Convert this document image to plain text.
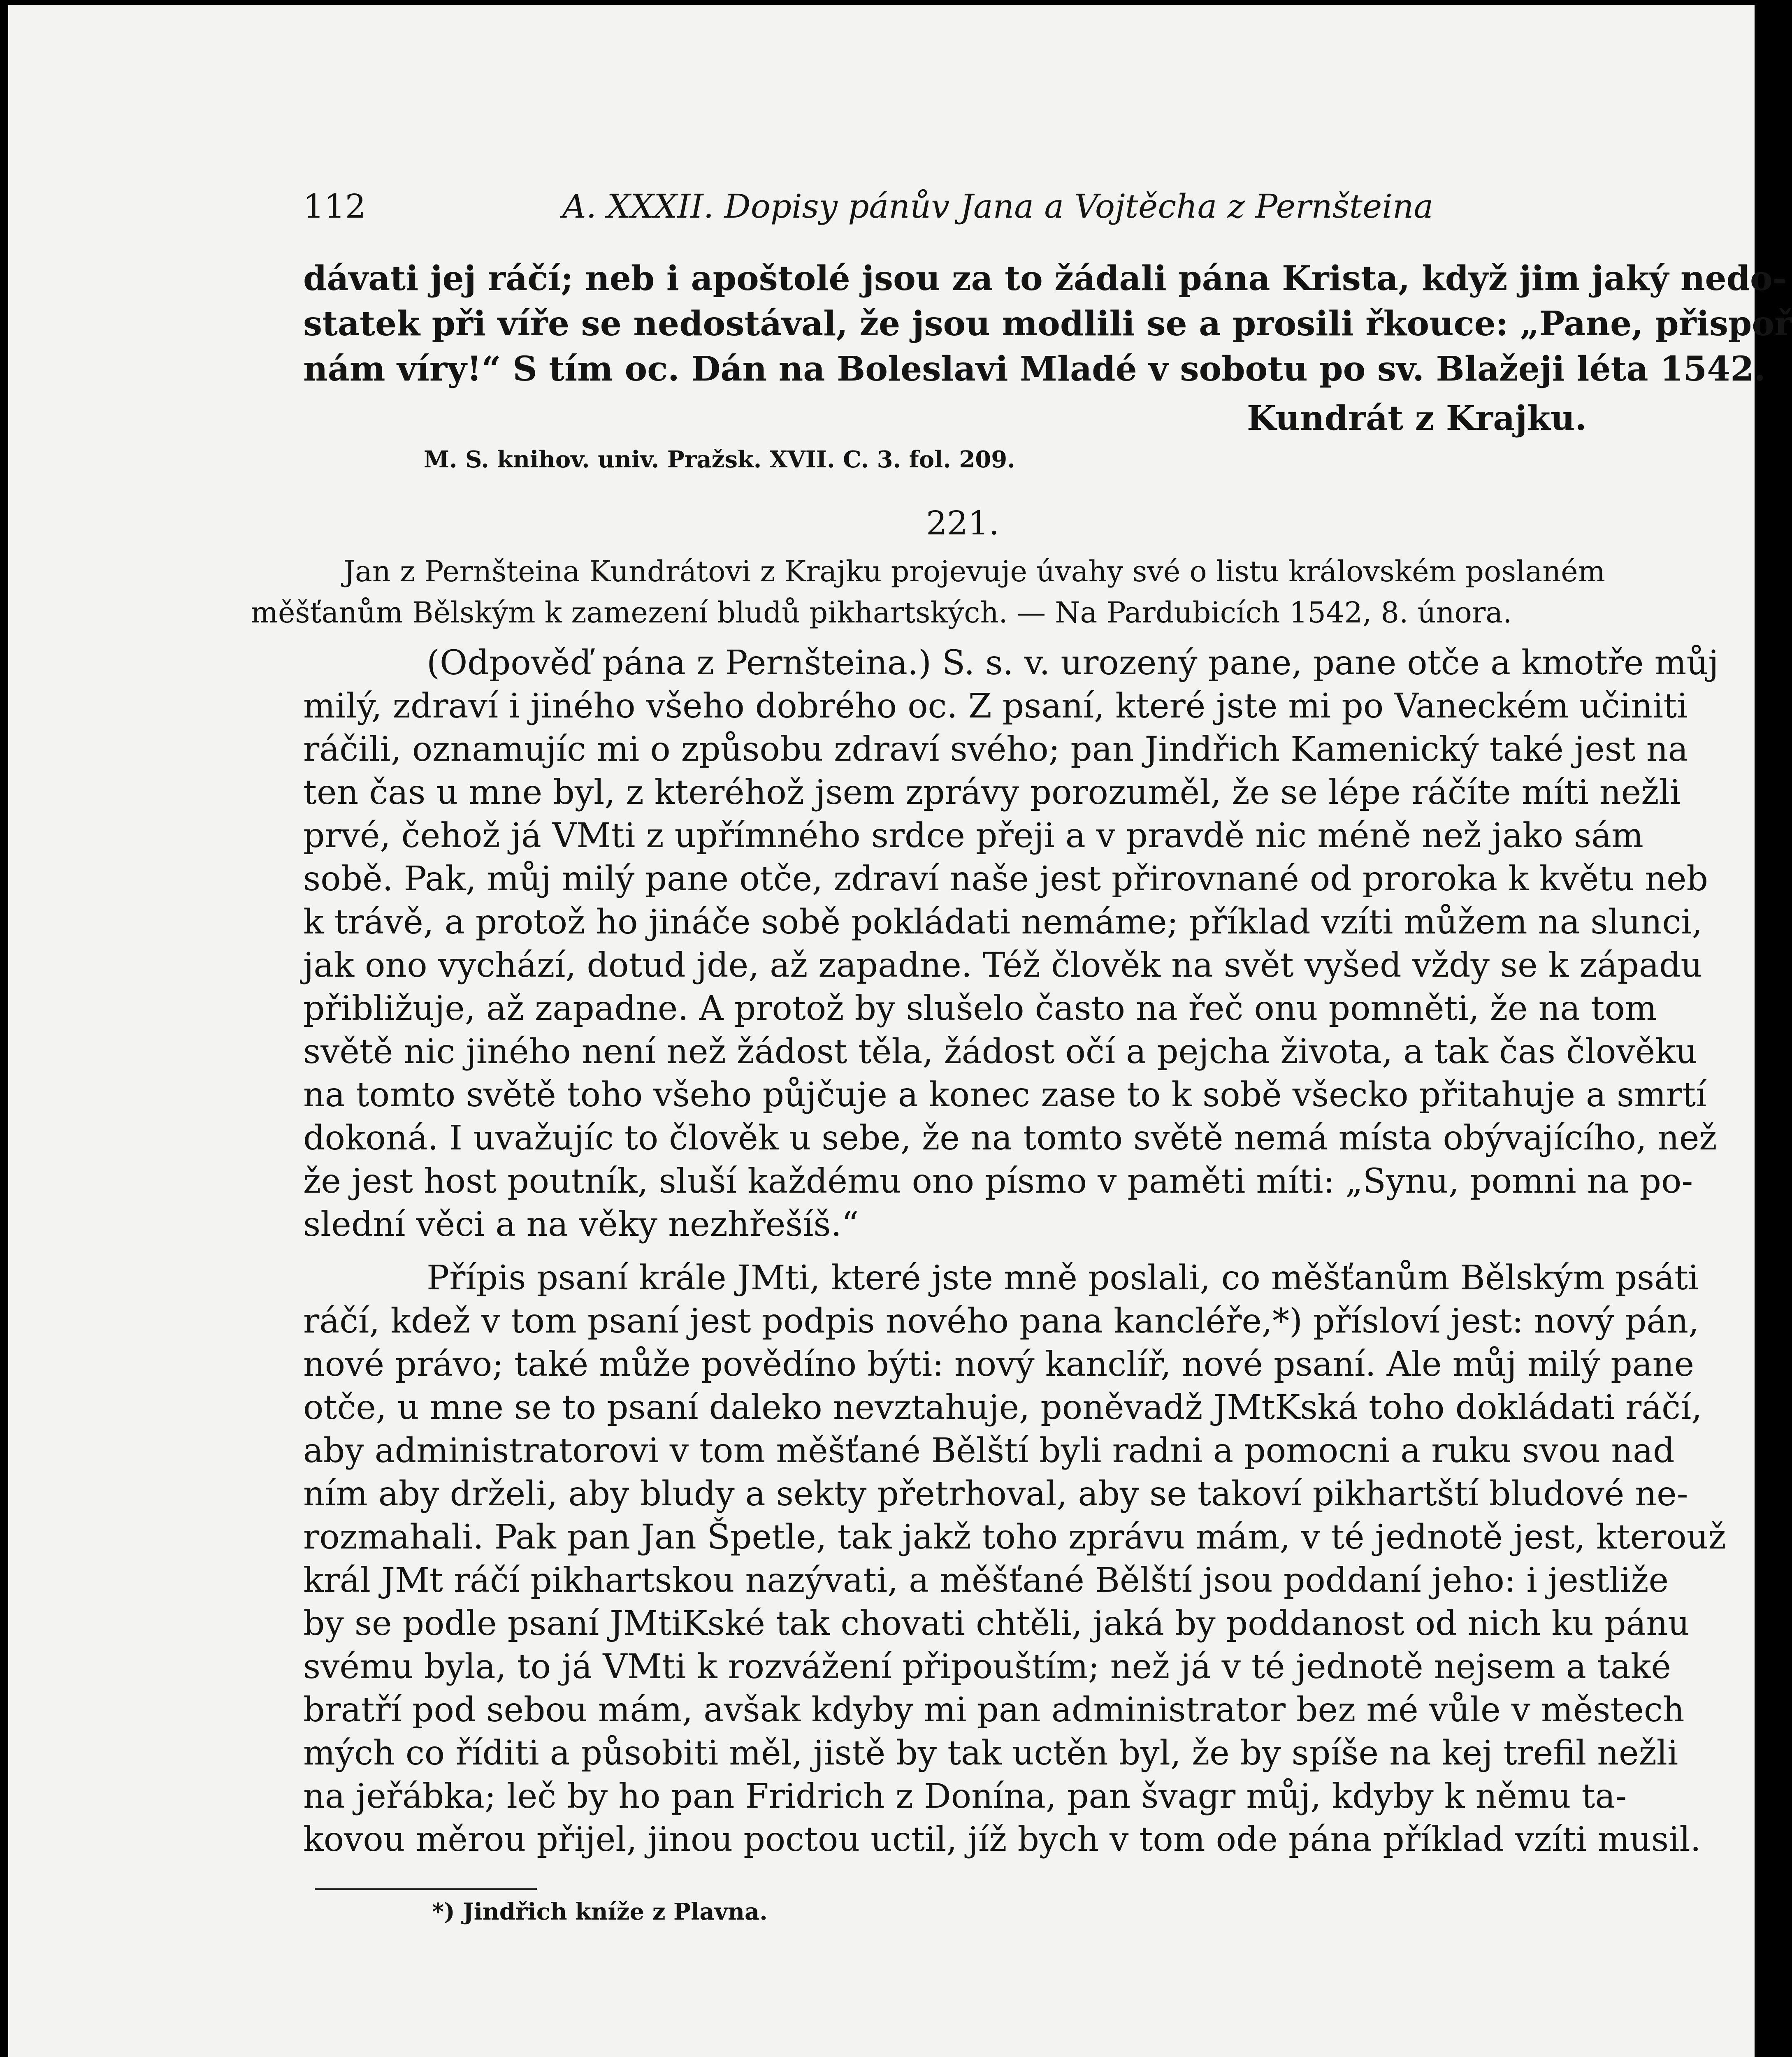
112	A. XXXII. Dopisy pánův Jana a Vojtěcha z Pernšteina
dávati jej ráčí; neb i apoštolé jsou za to žádali pána Krista, když jim jaký nedo-
statek při víře se nedostával, že jsou modlili se a prosili řkouce: „Pane, přispoř
nám víry!“ S tím oc. Dán na Boleslavi Mladé v sobotu po sv. Blažeji léta 1542.
Kundrát z Krajku.
M. S. knihov. univ. Pražsk. XVII. C. 3. fol. 209.
221.
Jan z Pernšteina Kundrátovi z Krajku projevuje úvahy své o listu královském poslaném
měšťanům Bělským k zamezení bludů pikhartských. — Na Pardubicích 1542, 8. února.
(Odpověď pána z Pernšteina.) S. s. v. urozený pane, pane otče a kmotře můj
milý, zdraví i jiného všeho dobrého oc. Z psaní, které jste mi po Vaneckém učiniti
ráčili, oznamujíc mi o způsobu zdraví svého; pan Jindřich Kamenický také jest na
ten čas u mne byl, z kteréhož jsem zprávy porozuměl, že se lépe ráčíte míti nežli
prvé, čehož já VMti z upřímného srdce přeji a v pravdě nic méně než jako sám
sobě. Pak, můj milý pane otče, zdraví naše jest přirovnané od proroka k květu neb
k trávě, a protož ho jináče sobě pokládati nemáme; příklad vzíti můžem na slunci,
jak ono vychází, dotud jde, až zapadne. Též člověk na svět vyšed vždy se k západu
přibližuje, až zapadne. A protož by slušelo často na řeč onu pomněti, že na tom
světě nic jiného není než žádost těla, žádost očí a pejcha života, a tak čas člověku
na tomto světě toho všeho půjčuje a konec zase to k sobě všecko přitahuje a smrtí
dokoná. I uvažujíc to člověk u sebe, že na tomto světě nemá místa obývajícího, než
že jest host poutník, sluší každému ono písmo v paměti míti: „Synu, pomni na po-
slední věci a na věky nezhřešíš.“
Přípis psaní krále JMti, které jste mně poslali, co měšťanům Bělským psáti
ráčí, kdež v tom psaní jest podpis nového pana kancléře,*) přísloví jest: nový pán,
nové právo; také může povědíno býti: nový kanclíř, nové psaní. Ale můj milý pane
otče, u mne se to psaní daleko nevztahuje, poněvadž JMtKská toho dokládati ráčí,
aby administratorovi v tom měšťané Bělští byli radni a pomocni a ruku svou nad
ním aby drželi, aby bludy a sekty přetrhoval, aby se takoví pikhartští bludové ne-
rozmahali. Pak pan Jan Špetle, tak jakž toho zprávu mám, v té jednotě jest, kterouž
král JMt ráčí pikhartskou nazývati, a měšťané Bělští jsou poddaní jeho: i jestliže
by se podle psaní JMtiKské tak chovati chtěli, jaká by poddanost od nich ku pánu
svému byla, to já VMti k rozvážení připouštím; než já v té jednotě nejsem a také
bratří pod sebou mám, avšak kdyby mi pan administrator bez mé vůle v městech
mých co říditi a působiti měl, jistě by tak uctěn byl, že by spíše na kej trefil nežli
na jeřábka; leč by ho pan Fridrich z Donína, pan švagr můj, kdyby k němu ta-
kovou měrou přijel, jinou poctou uctil, jíž bych v tom ode pána příklad vzíti musil.
*) Jindřich kníže z Plavna.
